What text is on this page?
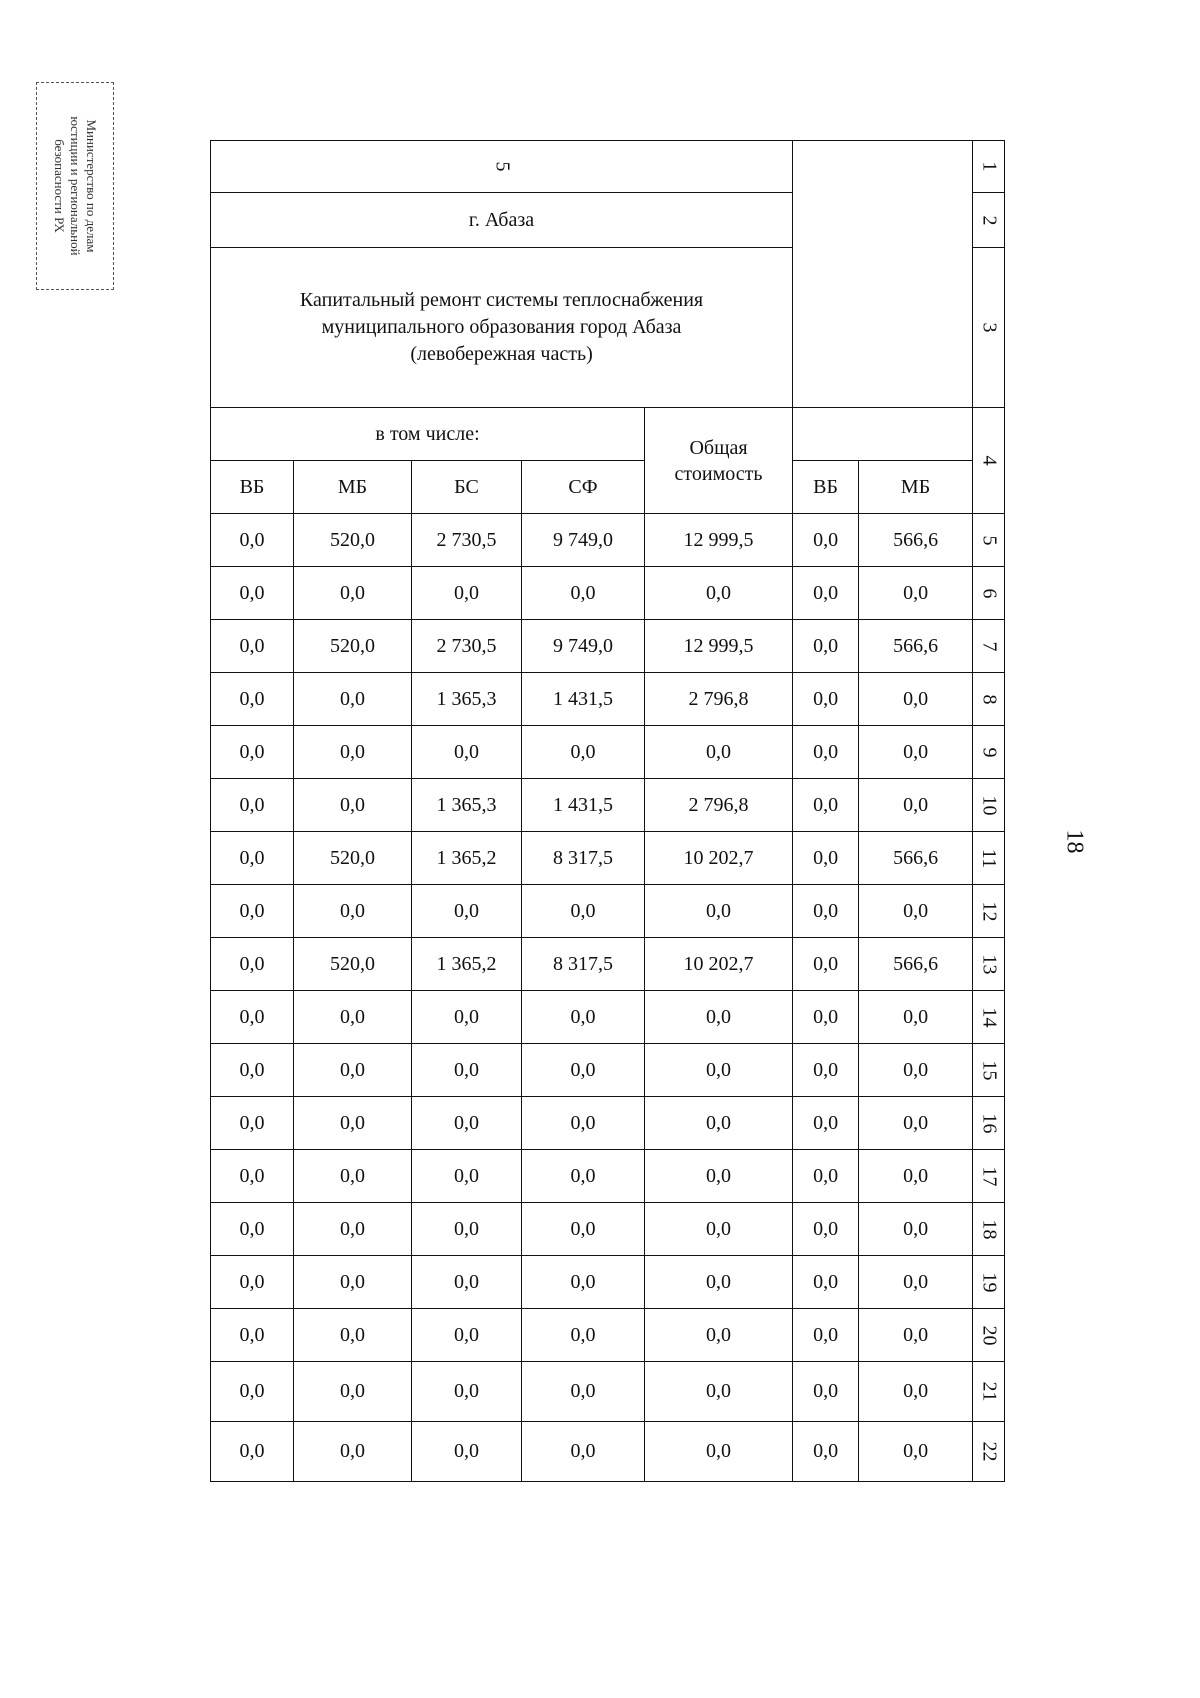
Министерство по делам
юстиции и региональной
безопасности РХ
18
5							1
г. Абаза							2

Капитальный ремонт системы теплоснабжения муниципального образования город Абаза (левобережная часть)							3
в том числе:				Общая стоимость			4
ВБ	МБ	БС	СФ		ВБ	МБ	
0,0	520,0	2 730,5	9 749,0	12 999,5	0,0	566,6	5
0,0	0,0	0,0	0,0	0,0	0,0	0,0	6
0,0	520,0	2 730,5	9 749,0	12 999,5	0,0	566,6	7
0,0	0,0	1 365,3	1 431,5	2 796,8	0,0	0,0	8
0,0	0,0	0,0	0,0	0,0	0,0	0,0	9
0,0	0,0	1 365,3	1 431,5	2 796,8	0,0	0,0	10
0,0	520,0	1 365,2	8 317,5	10 202,7	0,0	566,6	11
0,0	0,0	0,0	0,0	0,0	0,0	0,0	12
0,0	520,0	1 365,2	8 317,5	10 202,7	0,0	566,6	13
0,0	0,0	0,0	0,0	0,0	0,0	0,0	14
0,0	0,0	0,0	0,0	0,0	0,0	0,0	15
0,0	0,0	0,0	0,0	0,0	0,0	0,0	16
0,0	0,0	0,0	0,0	0,0	0,0	0,0	17
0,0	0,0	0,0	0,0	0,0	0,0	0,0	18
0,0	0,0	0,0	0,0	0,0	0,0	0,0	19
0,0	0,0	0,0	0,0	0,0	0,0	0,0	20
0,0	0,0	0,0	0,0	0,0	0,0	0,0	21
0,0	0,0	0,0	0,0	0,0	0,0	0,0	22
